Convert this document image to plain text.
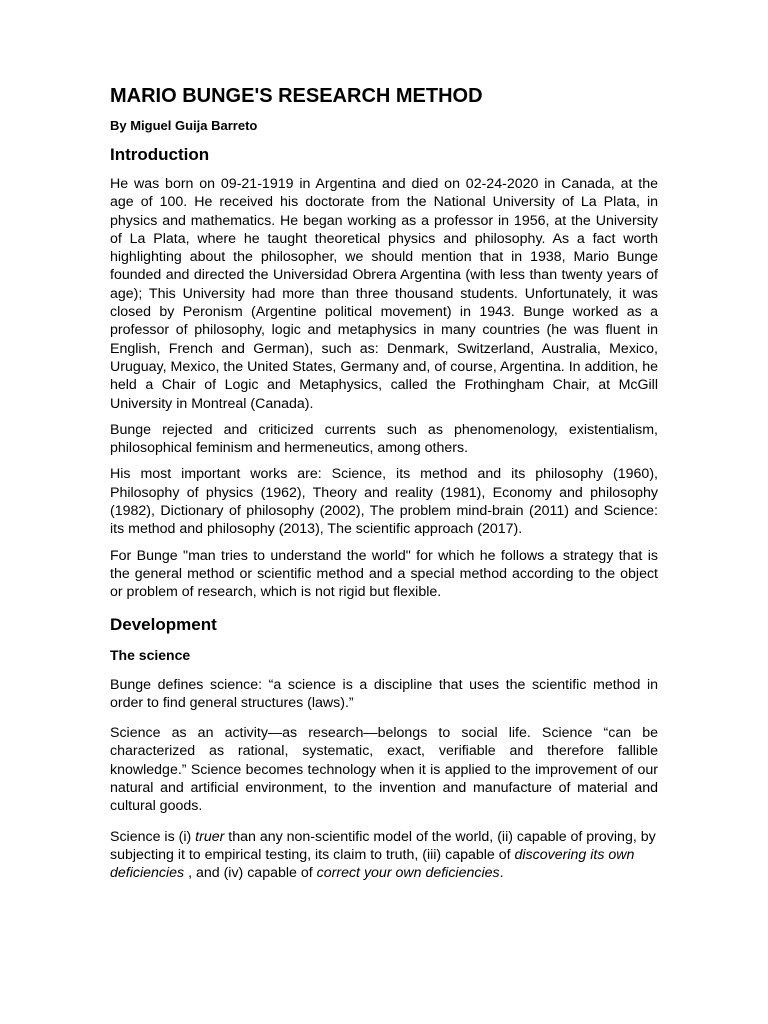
MARIO BUNGE'S RESEARCH METHOD
By Miguel Guija Barreto
Introduction

He was born on 09-21-1919 in Argentina and died on 02-24-2020 in Canada, at the age of 100. He received his doctorate from the National University of La Plata, in physics and mathematics. He began working as a professor in 1956, at the University of La Plata, where he taught theoretical physics and philosophy. As a fact worth highlighting about the philosopher, we should mention that in 1938, Mario Bunge founded and directed the Universidad Obrera Argentina (with less than twenty years of age); This University had more than three thousand students. Unfortunately, it was closed by Peronism (Argentine political movement) in 1943. Bunge worked as a professor of philosophy, logic and metaphysics in many countries (he was fluent in English, French and German), such as: Denmark, Switzerland, Australia, Mexico, Uruguay, Mexico, the United States, Germany and, of course, Argentina. In addition, he held a Chair of Logic and Metaphysics, called the Frothingham Chair, at McGill University in Montreal (Canada).

Bunge rejected and criticized currents such as phenomenology, existentialism, philosophical feminism and hermeneutics, among others.

His most important works are: Science, its method and its philosophy (1960), Philosophy of physics (1962), Theory and reality (1981), Economy and philosophy (1982), Dictionary of philosophy (2002), The problem mind-brain (2011) and Science: its method and philosophy (2013), The scientific approach (2017).

For Bunge "man tries to understand the world" for which he follows a strategy that is the general method or scientific method and a special method according to the object or problem of research, which is not rigid but flexible.

Development
The science

Bunge defines science: “a science is a discipline that uses the scientific method in order to find general structures (laws).”

Science as an activity—as research—belongs to social life. Science “can be characterized as rational, systematic, exact, verifiable and therefore fallible knowledge.” Science becomes technology when it is applied to the improvement of our natural and artificial environment, to the invention and manufacture of material and cultural goods.

Science is (i) truer than any non-scientific model of the world, (ii) capable of proving, by subjecting it to empirical testing, its claim to truth, (iii) capable of discovering its own deficiencies , and (iv) capable of correct your own deficiencies.
